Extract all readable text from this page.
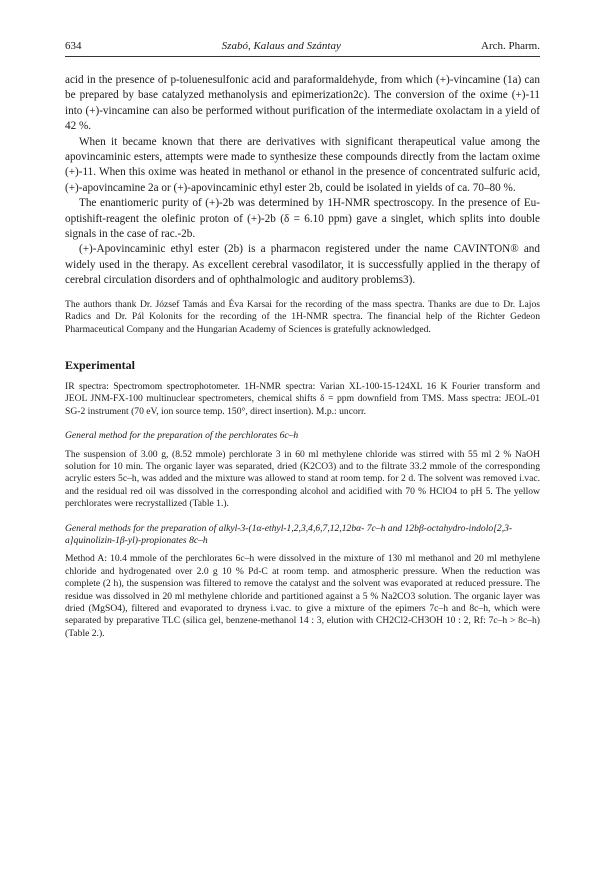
634	Szabó, Kalaus and Szántay	Arch. Pharm.

acid in the presence of p-toluenesulfonic acid and paraformaldehyde, from which (+)-vincamine (1a) can be prepared by base catalyzed methanolysis and epimerization2c). The conversion of the oxime (+)-11 into (+)-vincamine can also be performed without purification of the intermediate oxolactam in a yield of 42 %.

When it became known that there are derivatives with significant therapeutical value among the apovincaminic esters, attempts were made to synthesize these compounds directly from the lactam oxime (+)-11. When this oxime was heated in methanol or ethanol in the presence of concentrated sulfuric acid, (+)-apovincamine 2a or (+)-apovincaminic ethyl ester 2b, could be isolated in yields of ca. 70–80 %.

The enantiomeric purity of (+)-2b was determined by 1H-NMR spectroscopy. In the presence of Eu-optishift-reagent the olefinic proton of (+)-2b (δ = 6.10 ppm) gave a singlet, which splits into double signals in the case of rac.-2b.

(+)-Apovincaminic ethyl ester (2b) is a pharmacon registered under the name CAVINTON® and widely used in the therapy. As excellent cerebral vasodilator, it is successfully applied in the therapy of cerebral circulation disorders and of ophthalmologic and auditory problems3).

The authors thank Dr. József Tamás and Éva Karsai for the recording of the mass spectra. Thanks are due to Dr. Lajos Radics and Dr. Pál Kolonits for the recording of the 1H-NMR spectra. The financial help of the Richter Gedeon Pharmaceutical Company and the Hungarian Academy of Sciences is gratefully acknowledged.

Experimental

IR spectra: Spectromom spectrophotometer. 1H-NMR spectra: Varian XL-100-15-124XL 16 K Fourier transform and JEOL JNM-FX-100 multinuclear spectrometers, chemical shifts δ = ppm downfield from TMS. Mass spectra: JEOL-01 SG-2 instrument (70 eV, ion source temp. 150°, direct insertion). M.p.: uncorr.

General method for the preparation of the perchlorates 6c–h

The suspension of 3.00 g, (8.52 mmole) perchlorate 3 in 60 ml methylene chloride was stirred with 55 ml 2 % NaOH solution for 10 min. The organic layer was separated, dried (K2CO3) and to the filtrate 33.2 mmole of the corresponding acrylic esters 5c–h, was added and the mixture was allowed to stand at room temp. for 2 d. The solvent was removed i.vac. and the residual red oil was dissolved in the corresponding alcohol and acidified with 70 % HClO4 to pH 5. The yellow perchlorates were recrystallized (Table 1.).

General methods for the preparation of alkyl-3-(1α-ethyl-1,2,3,4,6,7,12,12bα- 7c–h and 12bβ-octahydro-indolo[2,3-a]quinolizin-1β-yl)-propionates 8c–h

Method A: 10.4 mmole of the perchlorates 6c–h were dissolved in the mixture of 130 ml methanol and 20 ml methylene chloride and hydrogenated over 2.0 g 10 % Pd-C at room temp. and atmospheric pressure. When the reduction was complete (2 h), the suspension was filtered to remove the catalyst and the solvent was evaporated at reduced pressure. The residue was dissolved in 20 ml methylene chloride and partitioned against a 5 % Na2CO3 solution. The organic layer was dried (MgSO4), filtered and evaporated to dryness i.vac. to give a mixture of the epimers 7c–h and 8c–h, which were separated by preparative TLC (silica gel, benzene-methanol 14 : 3, elution with CH2Cl2-CH3OH 10 : 2, Rf: 7c–h > 8c–h) (Table 2.).
